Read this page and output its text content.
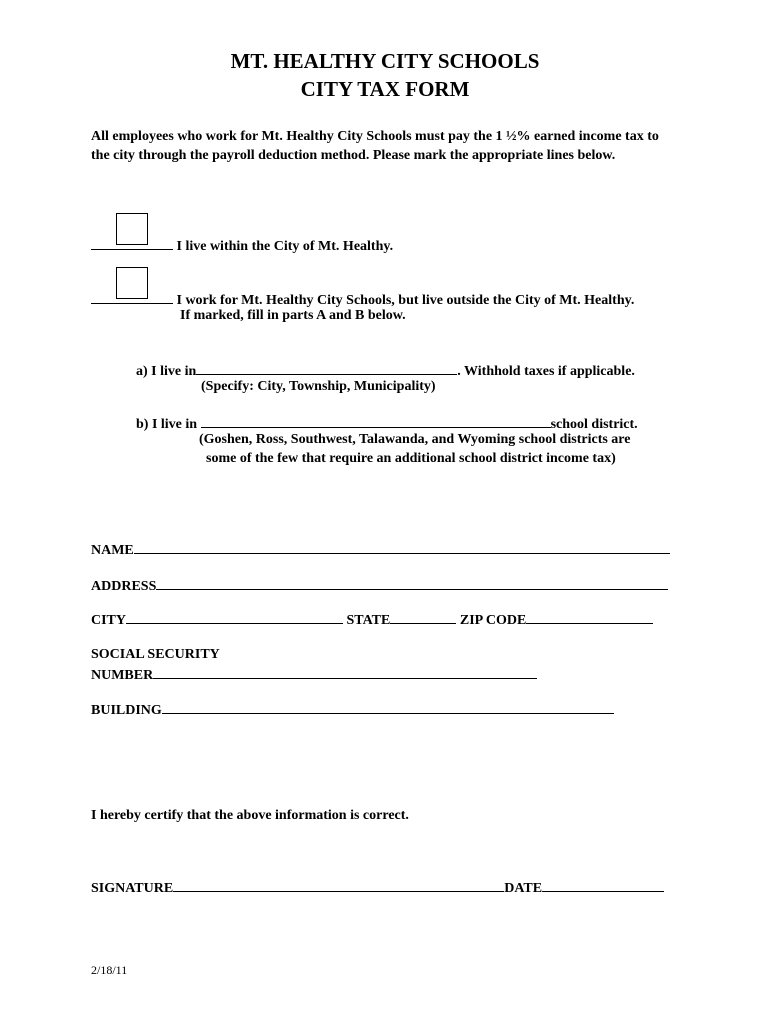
MT. HEALTHY CITY SCHOOLS
CITY TAX FORM
All employees who work for Mt. Healthy City Schools must pay the 1 ½% earned income tax to the city through the payroll deduction method. Please mark the appropriate lines below.
I live within the City of Mt. Healthy.
I work for Mt. Healthy City Schools, but live outside the City of Mt. Healthy.
If marked, fill in parts A and B below.
a) I live in	. Withhold taxes if applicable.
(Specify: City, Township, Municipality)
b) I live in	school district.
(Goshen, Ross, Southwest, Talawanda, and Wyoming school districts are
some of the few that require an additional school district income tax)
NAME
ADDRESS
CITY	STATE	ZIP CODE
SOCIAL SECURITY
NUMBER
BUILDING
I hereby certify that the above information is correct.
SIGNATURE	DATE
2/18/11
